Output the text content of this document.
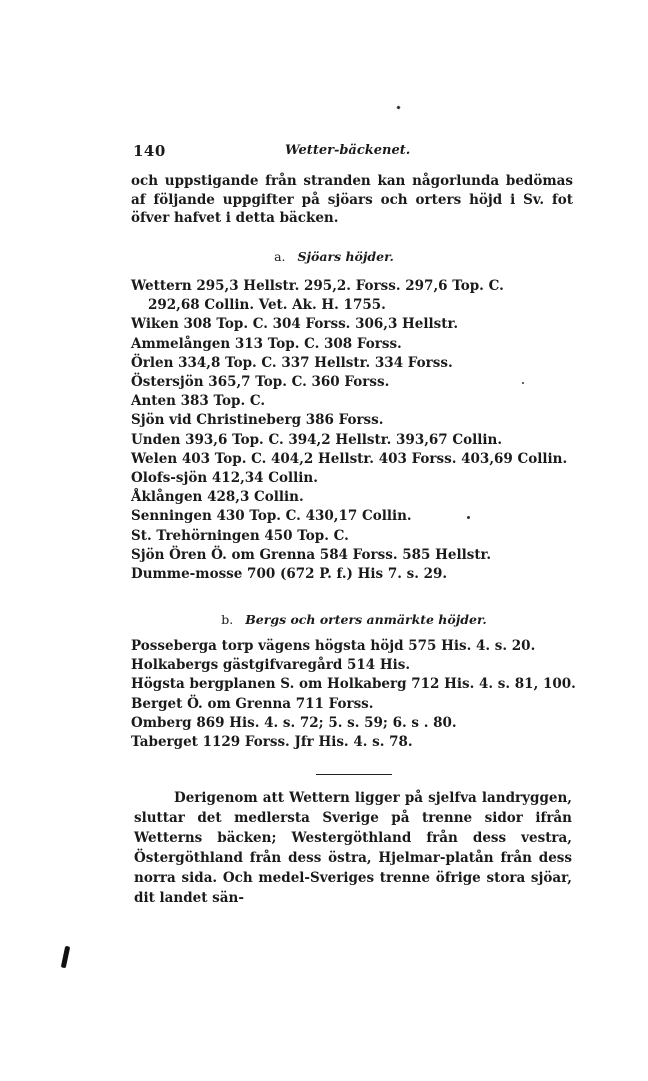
140	Wetter-bäckenet.

och uppstigande från stranden kan någorlunda bedömas af följande uppgifter på sjöars och orters höjd i Sv. fot öfver hafvet i detta bäcken.

a. Sjöars höjder.

Wettern 295,3 Hellstr. 295,2. Forss. 297,6 Top. C.

292,68 Collin. Vet. Ak. H. 1755.

Wiken 308 Top. C. 304 Forss. 306,3 Hellstr.

Ammelången 313 Top. C. 308 Forss.

Örlen 334,8 Top. C. 337 Hellstr. 334 Forss.

Östersjön 365,7 Top. C. 360 Forss.

Anten 383 Top. C.

Sjön vid Christineberg 386 Forss.

Unden 393,6 Top. C. 394,2 Hellstr. 393,67 Collin.

Welen 403 Top. C. 404,2 Hellstr. 403 Forss. 403,69 Collin.

Olofs-sjön 412,34 Collin.

Åklången 428,3 Collin.

Senningen 430 Top. C. 430,17 Collin.

St. Trehörningen 450 Top. C.

Sjön Ören Ö. om Grenna 584 Forss. 585 Hellstr.

Dumme-mosse 700 (672 P. f.) His 7. s. 29.

b. Bergs och orters anmärkte höjder.

Posseberga torp vägens högsta höjd 575 His. 4. s. 20.

Holkabergs gästgifvaregård 514 His.

Högsta bergplanen S. om Holkaberg 712 His. 4. s. 81, 100.

Berget Ö. om Grenna 711 Forss.

Omberg 869 His. 4. s. 72; 5. s. 59; 6. s . 80.

Taberget 1129 Forss. Jfr His. 4. s. 78.

Derigenom att Wettern ligger på sjelfva landryggen, sluttar det medlersta Sverige på trenne sidor ifrån Wetterns bäcken; Westergöthland från dess vestra, Östergöthland från dess östra, Hjelmar-platån från dess norra sida. Och medel-Sveriges trenne öfrige stora sjöar, dit landet sän-
